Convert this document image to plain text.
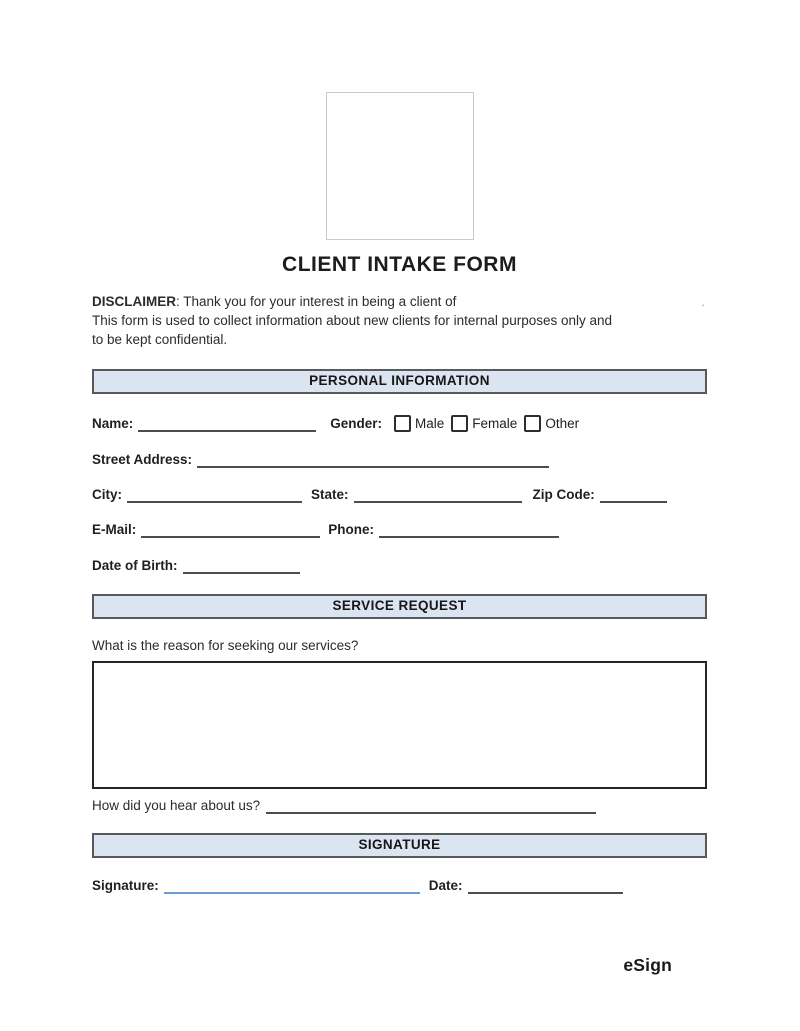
CLIENT INTAKE FORM
DISCLAIMER : Thank you for your interest in being a client of	.
This form is used to collect information about new clients for internal purposes only and
to be kept confidential.
PERSONAL INFORMATION
Name:	Gender: Male Female Other
Street Address:
City:	State:	Zip Code:
E-Mail:	Phone:
Date of Birth:
SERVICE REQUEST
What is the reason for seeking our services?
How did you hear about us?
SIGNATURE
Signature:	Date:
eSign
